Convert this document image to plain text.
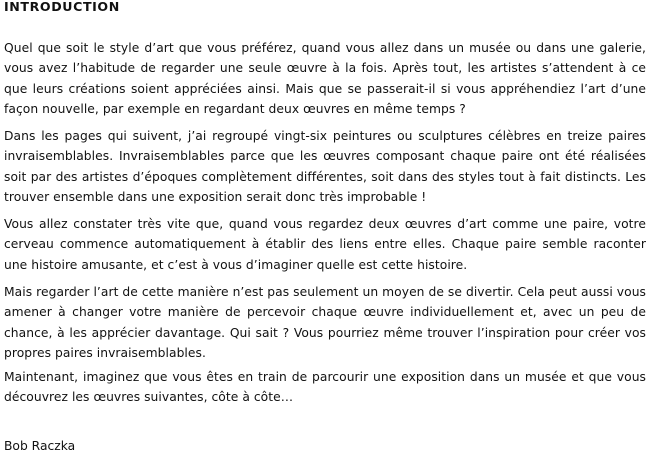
INTRODUCTION

Quel que soit le style d’art que vous préférez, quand vous allez dans un musée ou dans une galerie, vous avez l’habitude de regarder une seule œuvre à la fois. Après tout, les artistes s’attendent à ce que leurs créations soient appréciées ainsi. Mais que se passerait-il si vous appréhendiez l’art d’une façon nouvelle, par exemple en regardant deux œuvres en même temps ?

Dans les pages qui suivent, j’ai regroupé vingt-six peintures ou sculptures célèbres en treize paires invraisemblables. Invraisemblables parce que les œuvres composant chaque paire ont été réalisées soit par des artistes d’époques complètement différentes, soit dans des styles tout à fait distincts. Les trouver ensemble dans une exposition serait donc très improbable !

Vous allez constater très vite que, quand vous regardez deux œuvres d’art comme une paire, votre cerveau commence automatiquement à établir des liens entre elles. Chaque paire semble raconter une histoire amusante, et c’est à vous d’imaginer quelle est cette histoire.

Mais regarder l’art de cette manière n’est pas seulement un moyen de se divertir. Cela peut aussi vous amener à changer votre manière de percevoir chaque œuvre individuellement et, avec un peu de chance, à les apprécier davantage. Qui sait ? Vous pourriez même trouver l’inspiration pour créer vos propres paires invraisemblables.

Maintenant, imaginez que vous êtes en train de parcourir une exposition dans un musée et que vous découvrez les œuvres suivantes, côte à côte…

Bob Raczka
